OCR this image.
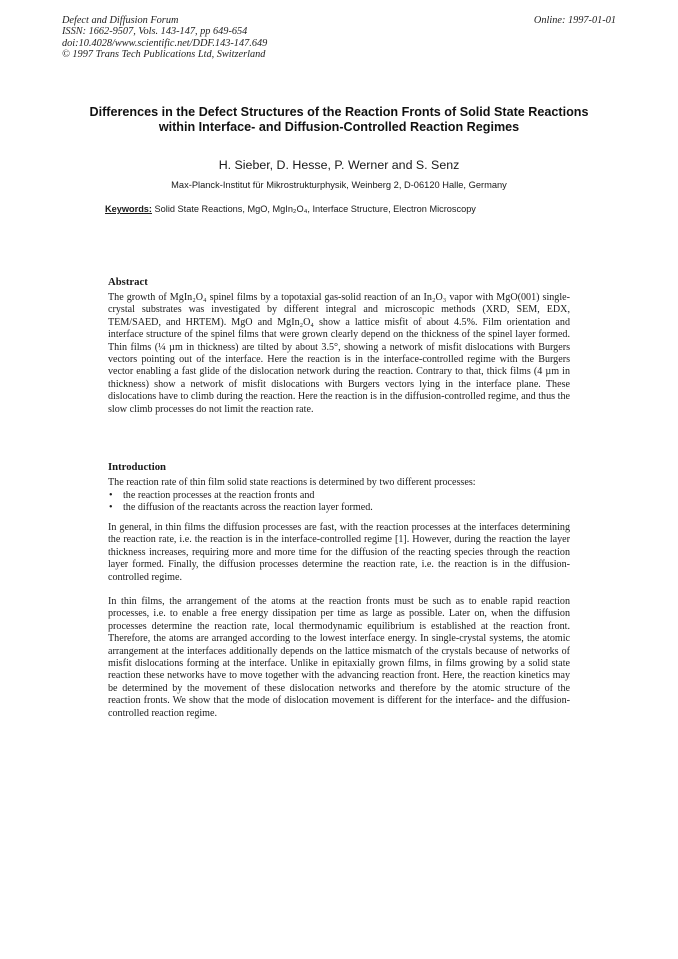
Defect and Diffusion Forum
ISSN: 1662-9507, Vols. 143-147, pp 649-654
doi:10.4028/www.scientific.net/DDF.143-147.649
© 1997 Trans Tech Publications Ltd, Switzerland
Online: 1997-01-01
Differences in the Defect Structures of the Reaction Fronts of Solid State Reactions within Interface- and Diffusion-Controlled Reaction Regimes
H. Sieber, D. Hesse, P. Werner and S. Senz
Max-Planck-Institut für Mikrostrukturphysik, Weinberg 2, D-06120 Halle, Germany
Keywords: Solid State Reactions, MgO, MgIn₂O₄, Interface Structure, Electron Microscopy
Abstract

The growth of MgIn₂O₄ spinel films by a topotaxial gas-solid reaction of an In₂O₃ vapor with MgO(001) single-crystal substrates was investigated by different integral and microscopic methods (XRD, SEM, EDX, TEM/SAED, and HRTEM). MgO and MgIn₂O₄ show a lattice misfit of about 4.5%. Film orientation and interface structure of the spinel films that were grown clearly depend on the thickness of the spinel layer formed. Thin films (¼ µm in thickness) are tilted by about 3.5°, showing a network of misfit dislocations with Burgers vectors pointing out of the interface. Here the reaction is in the interface-controlled regime with the Burgers vector enabling a fast glide of the dislocation network during the reaction. Contrary to that, thick films (4 µm in thickness) show a network of misfit dislocations with Burgers vectors lying in the interface plane. These dislocations have to climb during the reaction. Here the reaction is in the diffusion-controlled regime, and thus the slow climb processes do not limit the reaction rate.

Introduction

The reaction rate of thin film solid state reactions is determined by two different processes:

• the reaction processes at the reaction fronts and
• the diffusion of the reactants across the reaction layer formed.

In general, in thin films the diffusion processes are fast, with the reaction processes at the interfaces determining the reaction rate, i.e. the reaction is in the interface-controlled regime [1]. However, during the reaction the layer thickness increases, requiring more and more time for the diffusion of the reacting species through the reaction layer formed. Finally, the diffusion processes determine the reaction rate, i.e. the reaction is in the diffusion-controlled regime.

In thin films, the arrangement of the atoms at the reaction fronts must be such as to enable rapid reaction processes, i.e. to enable a free energy dissipation per time as large as possible. Later on, when the diffusion processes determine the reaction rate, local thermodynamic equilibrium is established at the reaction front. Therefore, the atoms are arranged according to the lowest interface energy. In single-crystal systems, the atomic arrangement at the interfaces additionally depends on the lattice mismatch of the crystals because of networks of misfit dislocations forming at the interface. Unlike in epitaxially grown films, in films growing by a solid state reaction these networks have to move together with the advancing reaction front. Here, the reaction kinetics may be determined by the movement of these dislocation networks and therefore by the atomic structure of the reaction fronts. We show that the mode of dislocation movement is different for the interface- and the diffusion-controlled reaction regime.
